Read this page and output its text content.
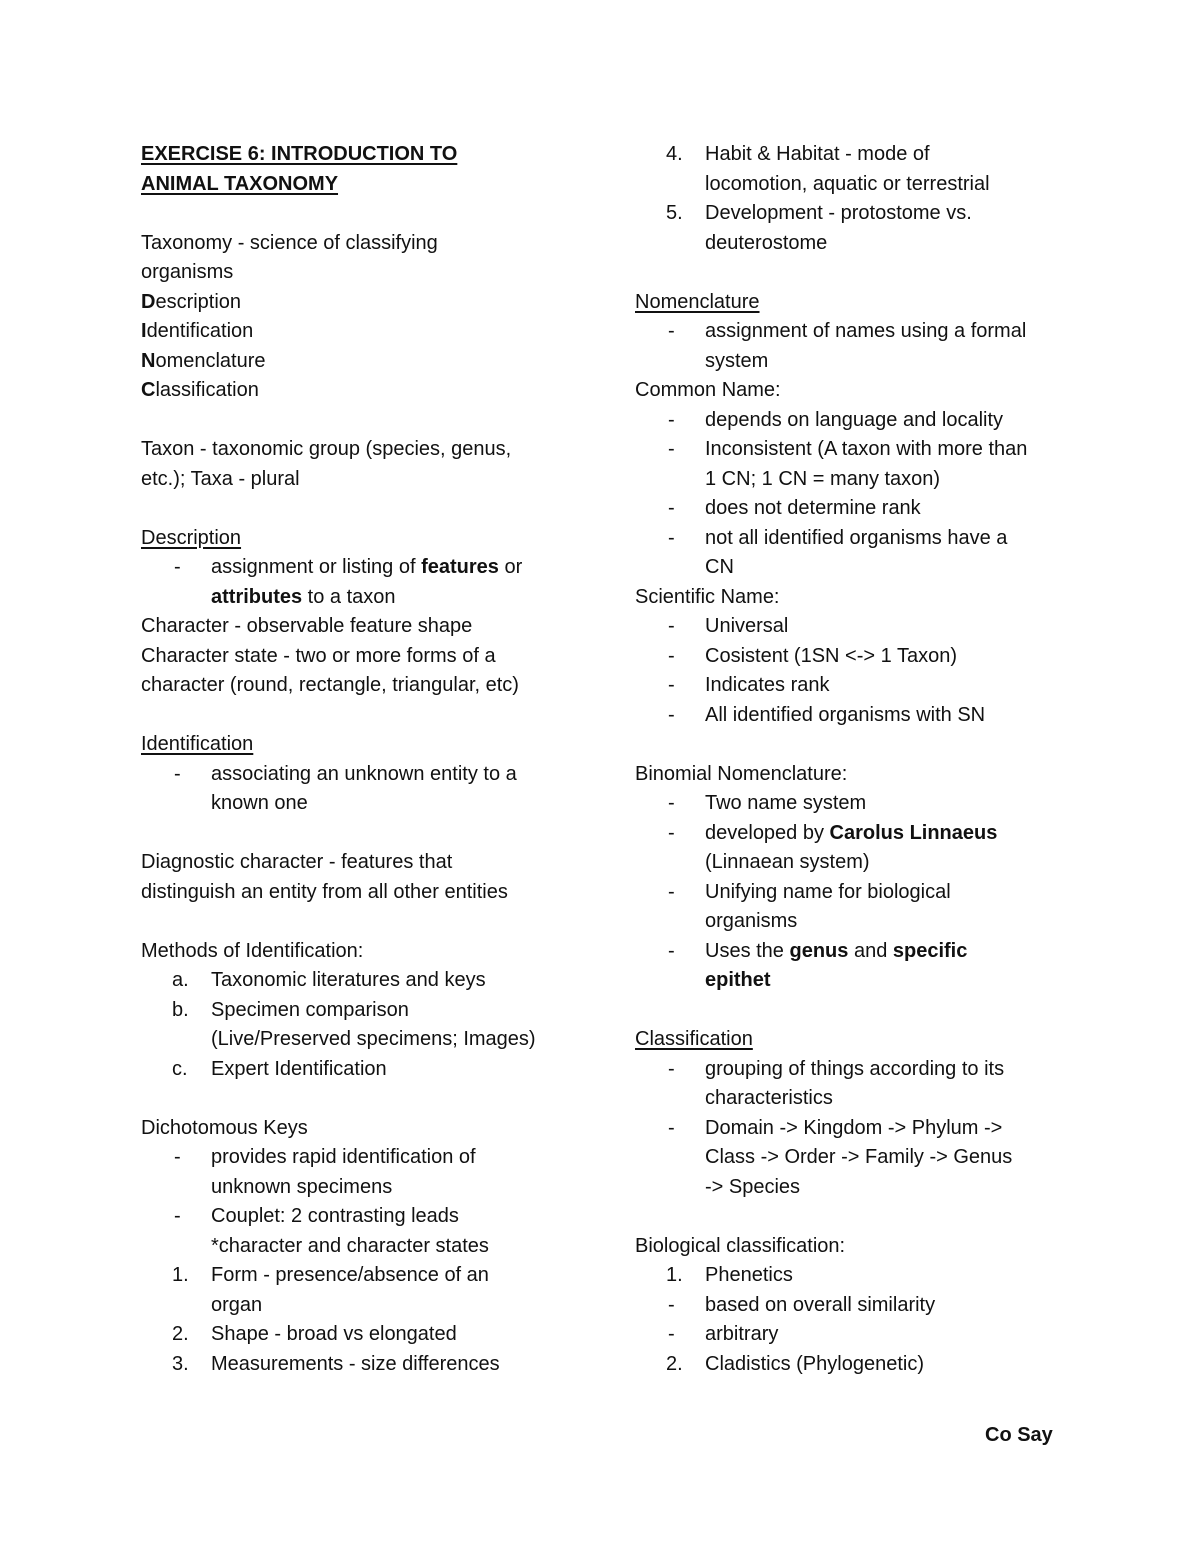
EXERCISE 6: INTRODUCTION TO

ANIMAL TAXONOMY

Taxonomy - science of classifying

organisms

Description

Identification

Nomenclature

Classification

Taxon - taxonomic group (species, genus,

etc.); Taxa - plural

Description

-	assignment or listing of features or

attributes to a taxon

Character - observable feature shape

Character state - two or more forms of a

character (round, rectangle, triangular, etc)

Identification

-	associating an unknown entity to a

known one

Diagnostic character - features that

distinguish an entity from all other entities

Methods of Identification:

a.	Taxonomic literatures and keys

b.	Specimen comparison

(Live/Preserved specimens; Images)

c.	Expert Identification

Dichotomous Keys

-	provides rapid identification of

unknown specimens

-	Couplet: 2 contrasting leads

*character and character states

1.	Form - presence/absence of an

organ

2.	Shape - broad vs elongated

3.	Measurements - size differences

4.	Habit & Habitat - mode of

locomotion, aquatic or terrestrial

5.	Development - protostome vs.

deuterostome

Nomenclature

-	assignment of names using a formal

system

Common Name:

-	depends on language and locality

-	Inconsistent (A taxon with more than

1 CN; 1 CN = many taxon)

-	does not determine rank

-	not all identified organisms have a

CN

Scientific Name:

-	Universal

-	Cosistent (1SN <-> 1 Taxon)

-	Indicates rank

-	All identified organisms with SN

Binomial Nomenclature:

-	Two name system

-	developed by Carolus Linnaeus

(Linnaean system)

-	Unifying name for biological

organisms

-	Uses the genus and specific

epithet

Classification

-	grouping of things according to its

characteristics

-	Domain -> Kingdom -> Phylum ->

Class -> Order -> Family -> Genus

-> Species

Biological classification:

1.	Phenetics

-	based on overall similarity

-	arbitrary

2.	Cladistics (Phylogenetic)

Co Say
